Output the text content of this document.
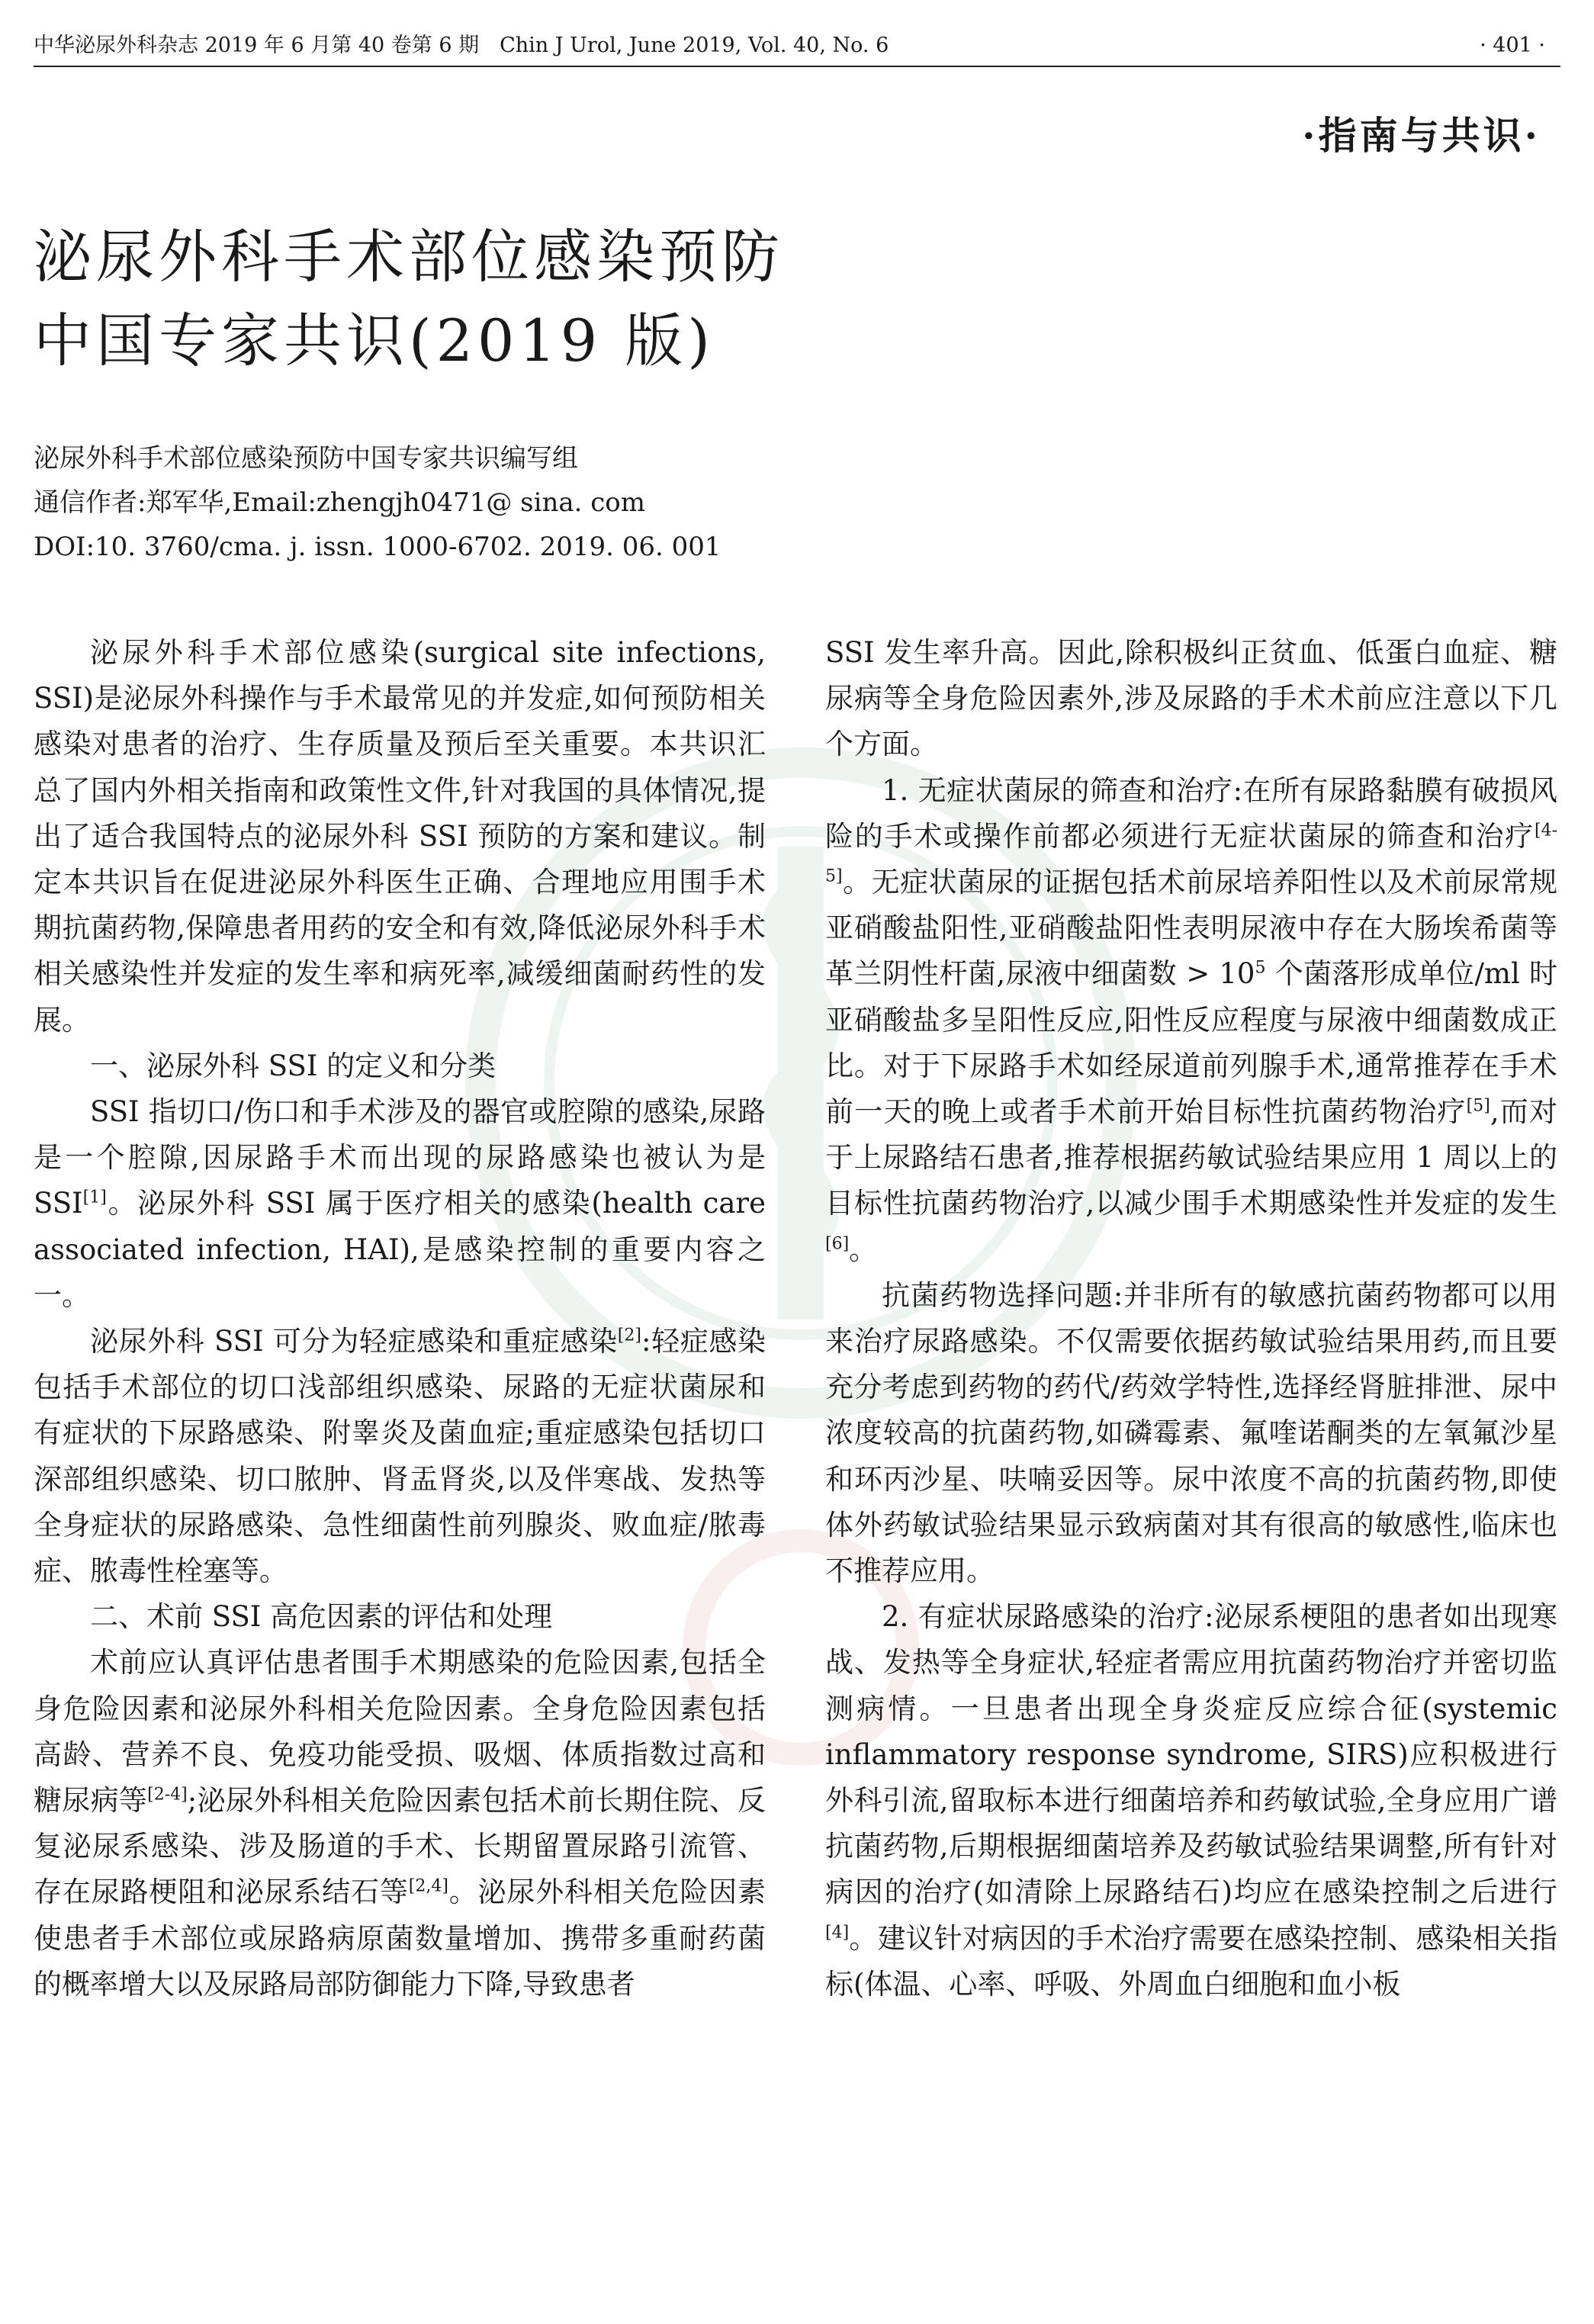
中华泌尿外科杂志 2019 年 6 月第 40 卷第 6 期　Chin J Urol, June 2019, Vol. 40, No. 6	· 401 ·
·指南与共识·
泌尿外科手术部位感染预防
中国专家共识(2019 版)
泌尿外科手术部位感染预防中国专家共识编写组
通信作者:郑军华,Email:zhengjh0471@ sina. com
DOI:10. 3760/cma. j. issn. 1000-6702. 2019. 06. 001

泌尿外科手术部位感染(surgical site infections, SSI)是泌尿外科操作与手术最常见的并发症,如何预防相关感染对患者的治疗、生存质量及预后至关重要。本共识汇总了国内外相关指南和政策性文件,针对我国的具体情况,提出了适合我国特点的泌尿外科 SSI 预防的方案和建议。制定本共识旨在促进泌尿外科医生正确、合理地应用围手术期抗菌药物,保障患者用药的安全和有效,降低泌尿外科手术相关感染性并发症的发生率和病死率,减缓细菌耐药性的发展。

一、泌尿外科 SSI 的定义和分类

SSI 指切口/伤口和手术涉及的器官或腔隙的感染,尿路是一个腔隙,因尿路手术而出现的尿路感染也被认为是 SSI[1]。泌尿外科 SSI 属于医疗相关的感染(health care associated infection, HAI),是感染控制的重要内容之一。

泌尿外科 SSI 可分为轻症感染和重症感染[2]:轻症感染包括手术部位的切口浅部组织感染、尿路的无症状菌尿和有症状的下尿路感染、附睾炎及菌血症;重症感染包括切口深部组织感染、切口脓肿、肾盂肾炎,以及伴寒战、发热等全身症状的尿路感染、急性细菌性前列腺炎、败血症/脓毒症、脓毒性栓塞等。

二、术前 SSI 高危因素的评估和处理

术前应认真评估患者围手术期感染的危险因素,包括全身危险因素和泌尿外科相关危险因素。全身危险因素包括高龄、营养不良、免疫功能受损、吸烟、体质指数过高和糖尿病等[2-4];泌尿外科相关危险因素包括术前长期住院、反复泌尿系感染、涉及肠道的手术、长期留置尿路引流管、存在尿路梗阻和泌尿系结石等[2,4]。泌尿外科相关危险因素使患者手术部位或尿路病原菌数量增加、携带多重耐药菌的概率增大以及尿路局部防御能力下降,导致患者

SSI 发生率升高。因此,除积极纠正贫血、低蛋白血症、糖尿病等全身危险因素外,涉及尿路的手术术前应注意以下几个方面。

1. 无症状菌尿的筛查和治疗:在所有尿路黏膜有破损风险的手术或操作前都必须进行无症状菌尿的筛查和治疗[4-5]。无症状菌尿的证据包括术前尿培养阳性以及术前尿常规亚硝酸盐阳性,亚硝酸盐阳性表明尿液中存在大肠埃希菌等革兰阴性杆菌,尿液中细菌数 > $10^5$ 个菌落形成单位/ml 时亚硝酸盐多呈阳性反应,阳性反应程度与尿液中细菌数成正比。对于下尿路手术如经尿道前列腺手术,通常推荐在手术前一天的晚上或者手术前开始目标性抗菌药物治疗[5],而对于上尿路结石患者,推荐根据药敏试验结果应用 1 周以上的目标性抗菌药物治疗,以减少围手术期感染性并发症的发生[6]。

抗菌药物选择问题:并非所有的敏感抗菌药物都可以用来治疗尿路感染。不仅需要依据药敏试验结果用药,而且要充分考虑到药物的药代/药效学特性,选择经肾脏排泄、尿中浓度较高的抗菌药物,如磷霉素、氟喹诺酮类的左氧氟沙星和环丙沙星、呋喃妥因等。尿中浓度不高的抗菌药物,即使体外药敏试验结果显示致病菌对其有很高的敏感性,临床也不推荐应用。

2. 有症状尿路感染的治疗:泌尿系梗阻的患者如出现寒战、发热等全身症状,轻症者需应用抗菌药物治疗并密切监测病情。一旦患者出现全身炎症反应综合征(systemic inflammatory response syndrome, SIRS)应积极进行外科引流,留取标本进行细菌培养和药敏试验,全身应用广谱抗菌药物,后期根据细菌培养及药敏试验结果调整,所有针对病因的治疗(如清除上尿路结石)均应在感染控制之后进行[4]。建议针对病因的手术治疗需要在感染控制、感染相关指标(体温、心率、呼吸、外周血白细胞和血小板
